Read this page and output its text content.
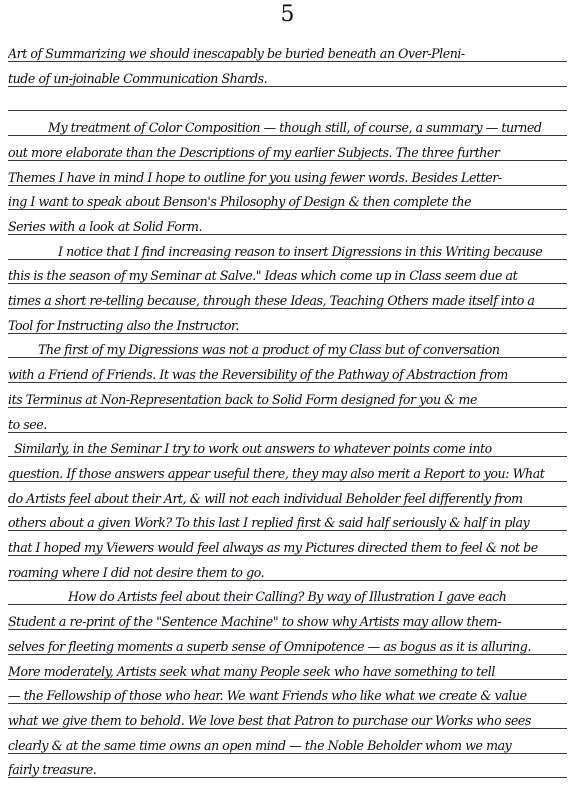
5
Art of Summarizing we should inescapably be buried beneath an Over-Pleni-
tude of un-joinable Communication Shards.
My treatment of Color Composition — though still, of course, a summary — turned
out more elaborate than the Descriptions of my earlier Subjects. The three further
Themes I have in mind I hope to outline for you using fewer words. Besides Letter-
ing I want to speak about Benson's Philosophy of Design & then complete the
Series with a look at Solid Form.
I notice that I find increasing reason to insert Digressions in this Writing because
this is the season of my Seminar at Salve." Ideas which come up in Class seem due at
times a short re-telling because, through these Ideas, Teaching Others made itself into a
Tool for Instructing also the Instructor.
The first of my Digressions was not a product of my Class but of conversation
with a Friend of Friends. It was the Reversibility of the Pathway of Abstraction from
its Terminus at Non-Representation back to Solid Form designed for you & me
to see.
Similarly, in the Seminar I try to work out answers to whatever points come into
question. If those answers appear useful there, they may also merit a Report to you: What
do Artists feel about their Art, & will not each individual Beholder feel differently from
others about a given Work? To this last I replied first & said half seriously & half in play
that I hoped my Viewers would feel always as my Pictures directed them to feel & not be
roaming where I did not desire them to go.
How do Artists feel about their Calling? By way of Illustration I gave each
Student a re-print of the "Sentence Machine" to show why Artists may allow them-
selves for fleeting moments a superb sense of Omnipotence — as bogus as it is alluring.
More moderately, Artists seek what many People seek who have something to tell
— the Fellowship of those who hear. We want Friends who like what we create & value
what we give them to behold. We love best that Patron to purchase our Works who sees
clearly & at the same time owns an open mind — the Noble Beholder whom we may
fairly treasure.
